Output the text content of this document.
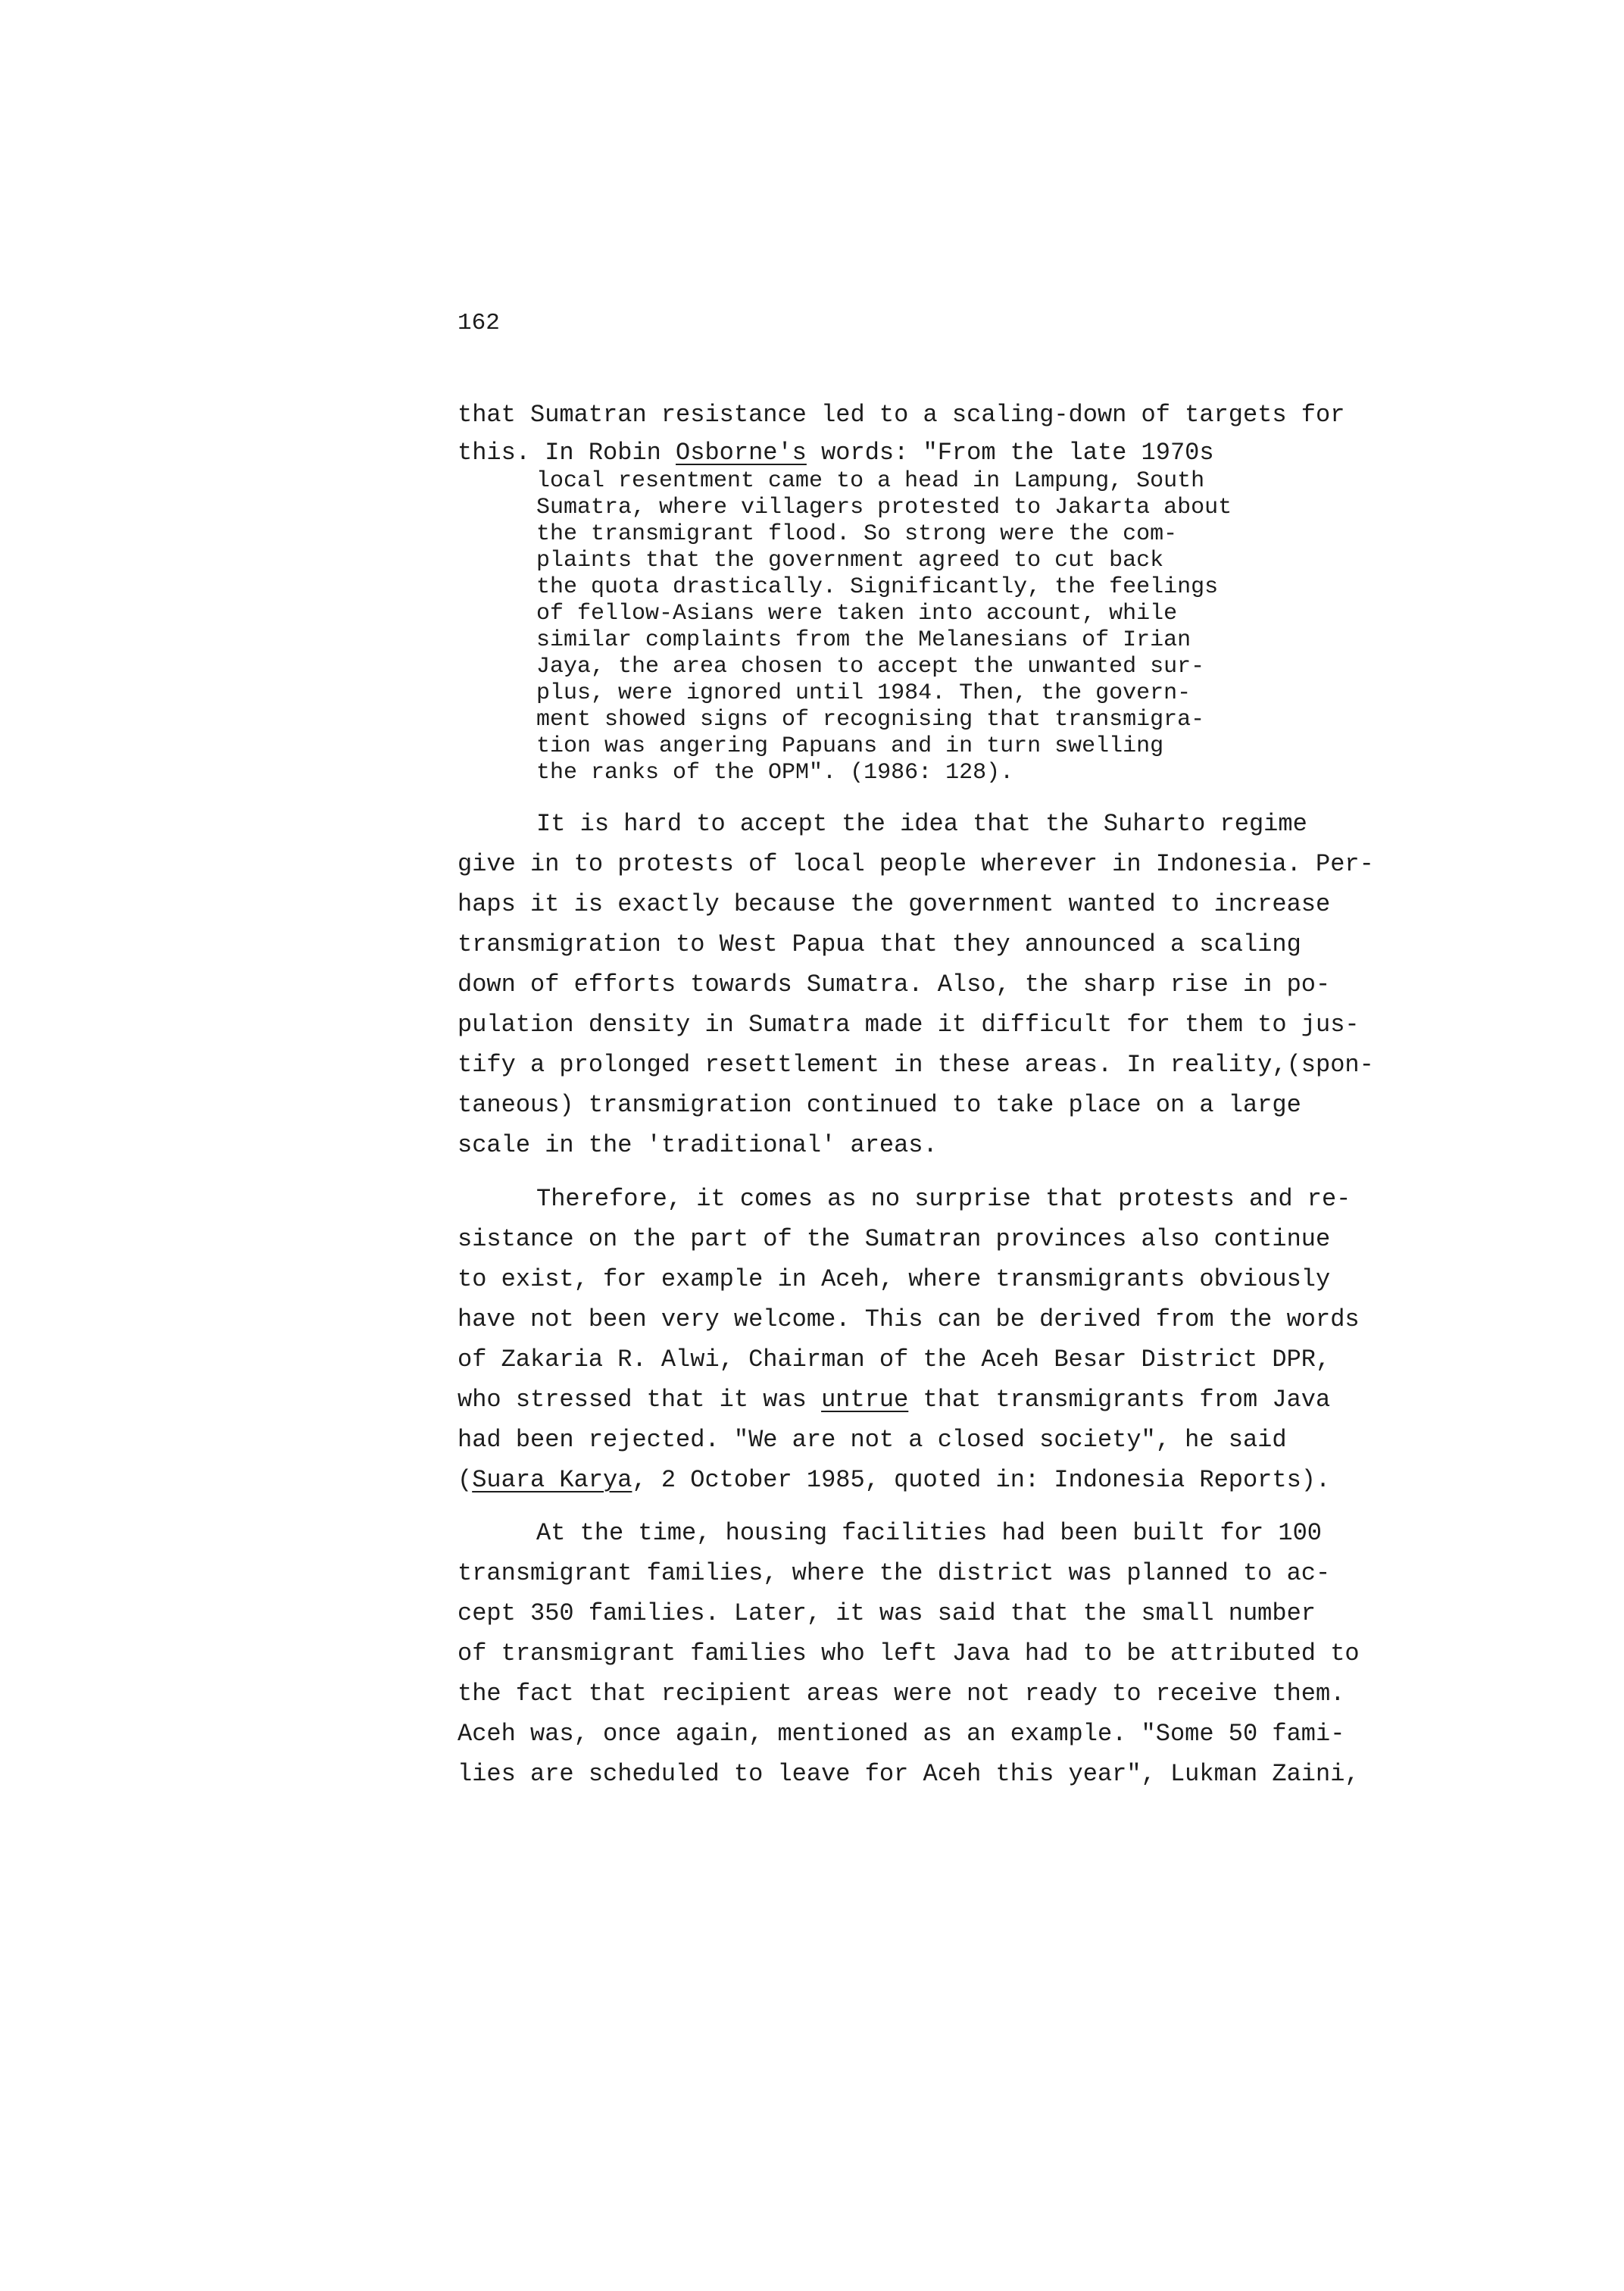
162
that Sumatran resistance led to a scaling-down of targets for
this. In Robin Osborne's words: "From the late 1970s
local resentment came to a head in Lampung, South
Sumatra, where villagers protested to Jakarta about
the transmigrant flood. So strong were the com-
plaints that the government agreed to cut back
the quota drastically. Significantly, the feelings
of fellow-Asians were taken into account, while
similar complaints from the Melanesians of Irian
Jaya, the area chosen to accept the unwanted sur-
plus, were ignored until 1984. Then, the govern-
ment showed signs of recognising that transmigra-
tion was angering Papuans and in turn swelling
the ranks of the OPM". (1986: 128).
It is hard to accept the idea that the Suharto regime
give in to protests of local people wherever in Indonesia. Per-
haps it is exactly because the government wanted to increase
transmigration to West Papua that they announced a scaling
down of efforts towards Sumatra. Also, the sharp rise in po-
pulation density in Sumatra made it difficult for them to jus-
tify a prolonged resettlement in these areas. In reality,(spon-
taneous) transmigration continued to take place on a large
scale in the 'traditional' areas.
Therefore, it comes as no surprise that protests and re-
sistance on the part of the Sumatran provinces also continue
to exist, for example in Aceh, where transmigrants obviously
have not been very welcome. This can be derived from the words
of Zakaria R. Alwi, Chairman of the Aceh Besar District DPR,
who stressed that it was untrue that transmigrants from Java
had been rejected. "We are not a closed society", he said
(Suara Karya, 2 October 1985, quoted in: Indonesia Reports).
At the time, housing facilities had been built for 100
transmigrant families, where the district was planned to ac-
cept 350 families. Later, it was said that the small number
of transmigrant families who left Java had to be attributed to
the fact that recipient areas were not ready to receive them.
Aceh was, once again, mentioned as an example. "Some 50 fami-
lies are scheduled to leave for Aceh this year", Lukman Zaini,
